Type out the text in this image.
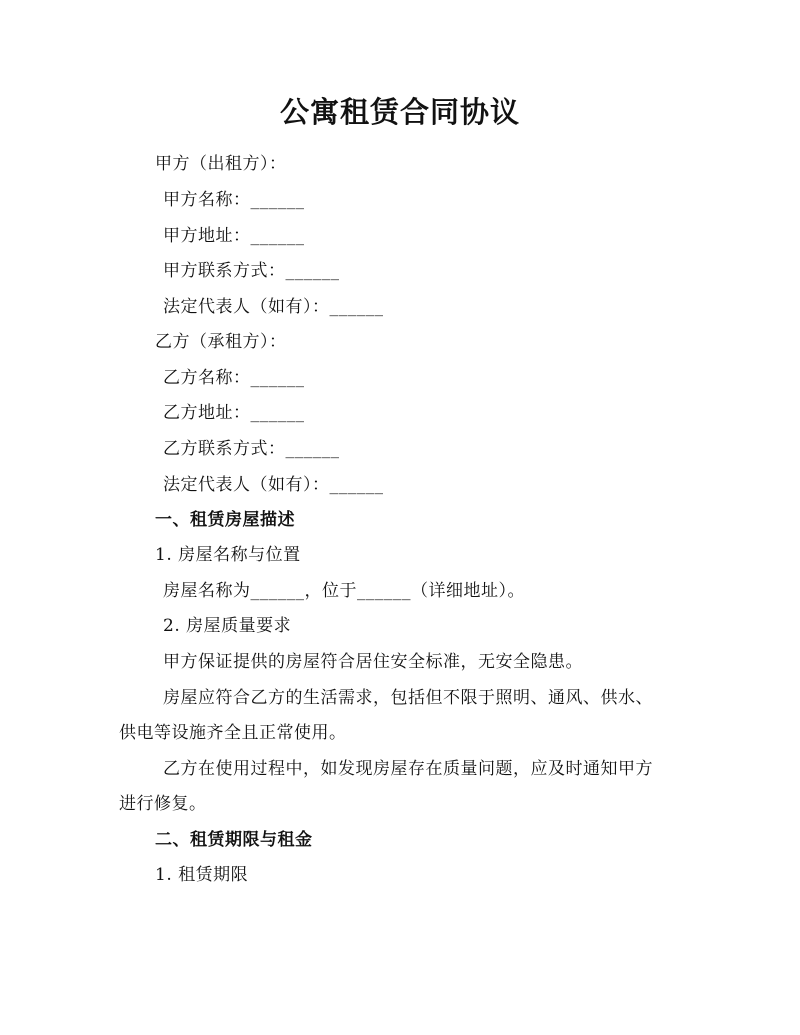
公寓租赁合同协议
甲方（出租方）：
甲方名称：______
甲方地址：______
甲方联系方式：______
法定代表人（如有）：______
乙方（承租方）：
乙方名称：______
乙方地址：______
乙方联系方式：______
法定代表人（如有）：______
一、租赁房屋描述
1. 房屋名称与位置
房屋名称为______，位于______（详细地址）。
2. 房屋质量要求
甲方保证提供的房屋符合居住安全标准，无安全隐患。
房屋应符合乙方的生活需求，包括但不限于照明、通风、供水、
供电等设施齐全且正常使用。
乙方在使用过程中，如发现房屋存在质量问题，应及时通知甲方
进行修复。
二、租赁期限与租金
1. 租赁期限
